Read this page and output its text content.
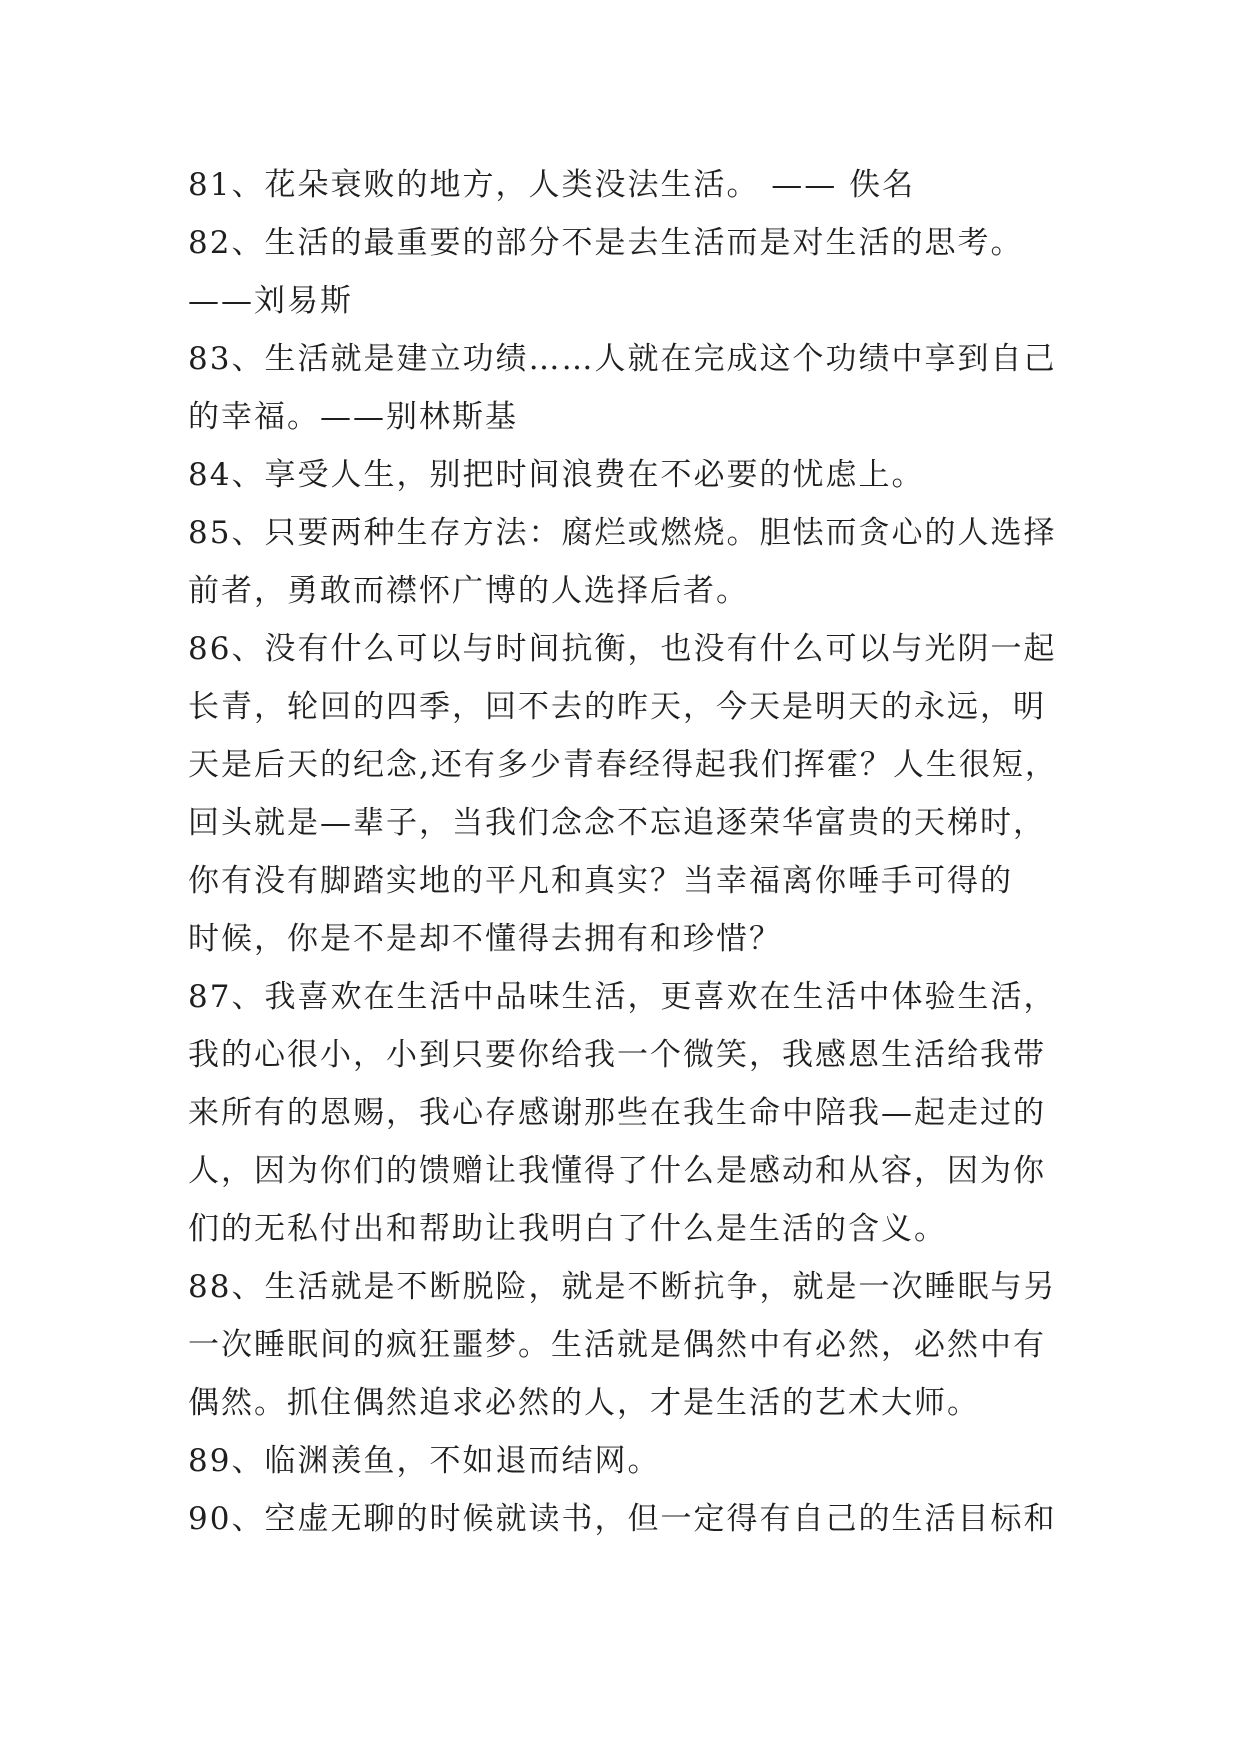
81、花朵衰败的地方，人类没法生活。 —— 佚名
82、生活的最重要的部分不是去生活而是对生活的思考。
——刘易斯
83、生活就是建立功绩……人就在完成这个功绩中享到自己
的幸福。——别林斯基
84、享受人生，别把时间浪费在不必要的忧虑上。
85、只要两种生存方法：腐烂或燃烧。胆怯而贪心的人选择
前者，勇敢而襟怀广博的人选择后者。
86、没有什么可以与时间抗衡，也没有什么可以与光阴一起
长青，轮回的四季，回不去的昨天，今天是明天的永远，明
天是后天的纪念,还有多少青春经得起我们挥霍？人生很短，
回头就是—辈子，当我们念念不忘追逐荣华富贵的天梯时，
你有没有脚踏实地的平凡和真实？当幸福离你唾手可得的
时候，你是不是却不懂得去拥有和珍惜？
87、我喜欢在生活中品味生活，更喜欢在生活中体验生活，
我的心很小，小到只要你给我一个微笑，我感恩生活给我带
来所有的恩赐，我心存感谢那些在我生命中陪我—起走过的
人，因为你们的馈赠让我懂得了什么是感动和从容，因为你
们的无私付出和帮助让我明白了什么是生活的含义。
88、生活就是不断脱险，就是不断抗争，就是一次睡眠与另
一次睡眠间的疯狂噩梦。生活就是偶然中有必然，必然中有
偶然。抓住偶然追求必然的人，才是生活的艺术大师。
89、临渊羡鱼，不如退而结网。
90、空虚无聊的时候就读书，但一定得有自己的生活目标和
